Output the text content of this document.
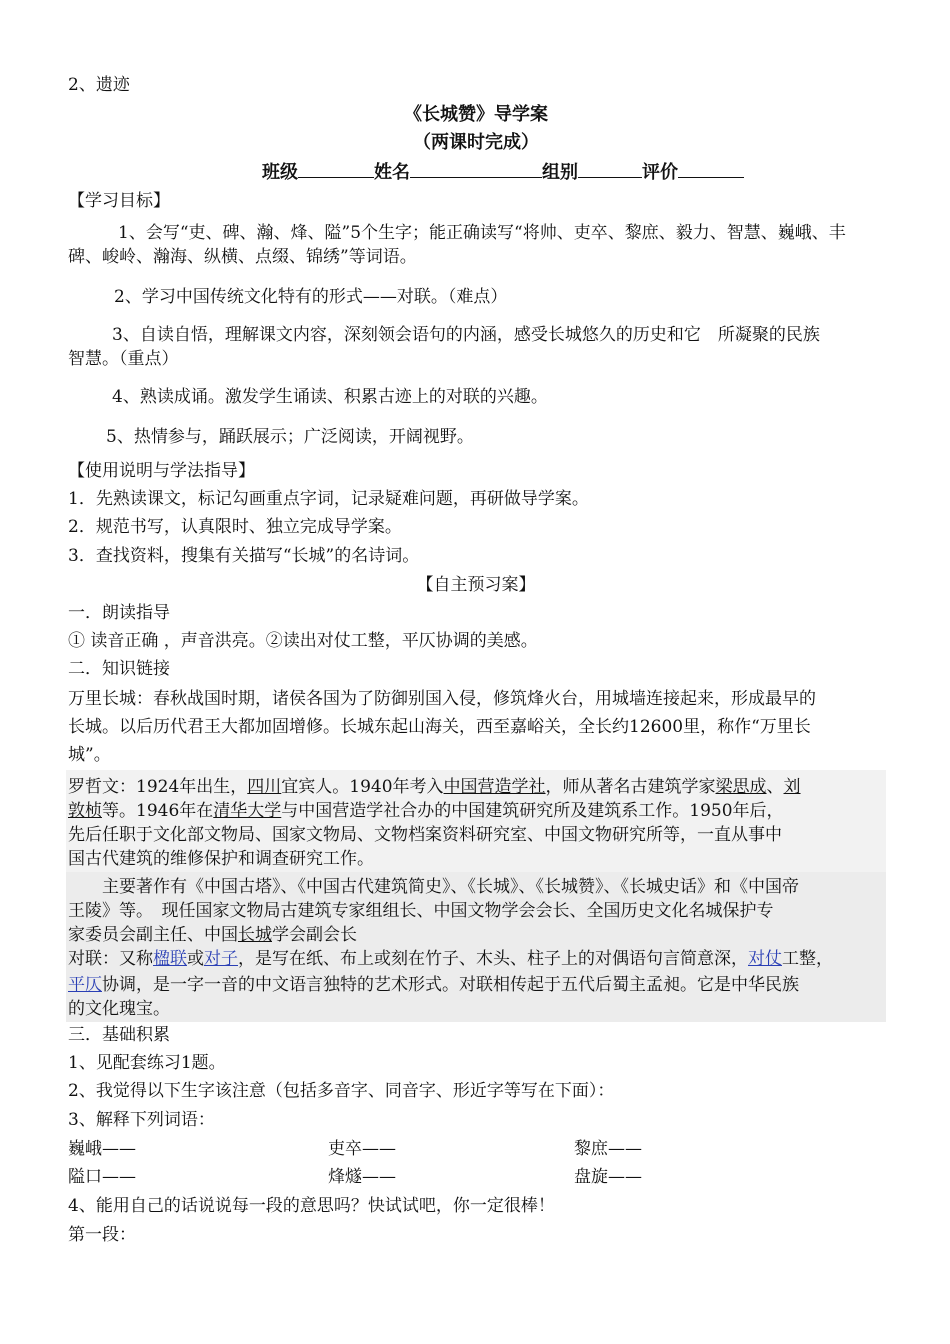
2、遗迹
《长城赞》导学案
（两课时完成）
班级	姓名	组别	评价
【学习目标】
1、会写“吏、碑、瀚、烽、隘”5个生字；能正确读写“将帅、吏卒、黎庶、毅力、智慧、巍峨、丰
碑、峻岭、瀚海、纵横、点缀、锦绣”等词语。
2、学习中国传统文化特有的形式——对联。（难点）
3、自读自悟，理解课文内容，深刻领会语句的内涵，感受长城悠久的历史和它　所凝聚的民族
智慧。（重点）
4、熟读成诵。激发学生诵读、积累古迹上的对联的兴趣。
5、热情参与，踊跃展示；广泛阅读，开阔视野。
【使用说明与学法指导】
1．先熟读课文，标记勾画重点字词，记录疑难问题，再研做导学案。
2．规范书写，认真限时、独立完成导学案。
3．查找资料，搜集有关描写“长城”的名诗词。
【自主预习案】
一．朗读指导
① 读音正确 ，声音洪亮。②读出对仗工整，平仄协调的美感。
二．知识链接
万里长城：春秋战国时期，诸侯各国为了防御别国入侵，修筑烽火台，用城墙连接起来，形成最早的
长城。以后历代君王大都加固增修。长城东起山海关，西至嘉峪关，全长约12600里，称作“万里长
城”。
罗哲文：1924年出生，四川宜宾人。1940年考入中国营造学社，师从著名古建筑学家梁思成、刘
敦桢等。1946年在清华大学与中国营造学社合办的中国建筑研究所及建筑系工作。1950年后，
先后任职于文化部文物局、国家文物局、文物档案资料研究室、中国文物研究所等，一直从事中
国古代建筑的维修保护和调查研究工作。
主要著作有《中国古塔》、《中国古代建筑简史》、《长城》、《长城赞》、《长城史话》和《中国帝
王陵》等。　现任国家文物局古建筑专家组组长、中国文物学会会长、全国历史文化名城保护专
家委员会副主任、中国长城学会副会长
对联：又称楹联或对子，是写在纸、布上或刻在竹子、木头、柱子上的对偶语句言简意深，对仗工整，
平仄协调，是一字一音的中文语言独特的艺术形式。对联相传起于五代后蜀主孟昶。它是中华民族
的文化瑰宝。
三．基础积累
1、见配套练习1题。
2、我觉得以下生字该注意（包括多音字、同音字、形近字等写在下面）：
3、解释下列词语：
巍峨——	吏卒——	黎庶——
隘口——	烽燧——	盘旋——
4、能用自己的话说说每一段的意思吗？快试试吧，你一定很棒！
第一段：
